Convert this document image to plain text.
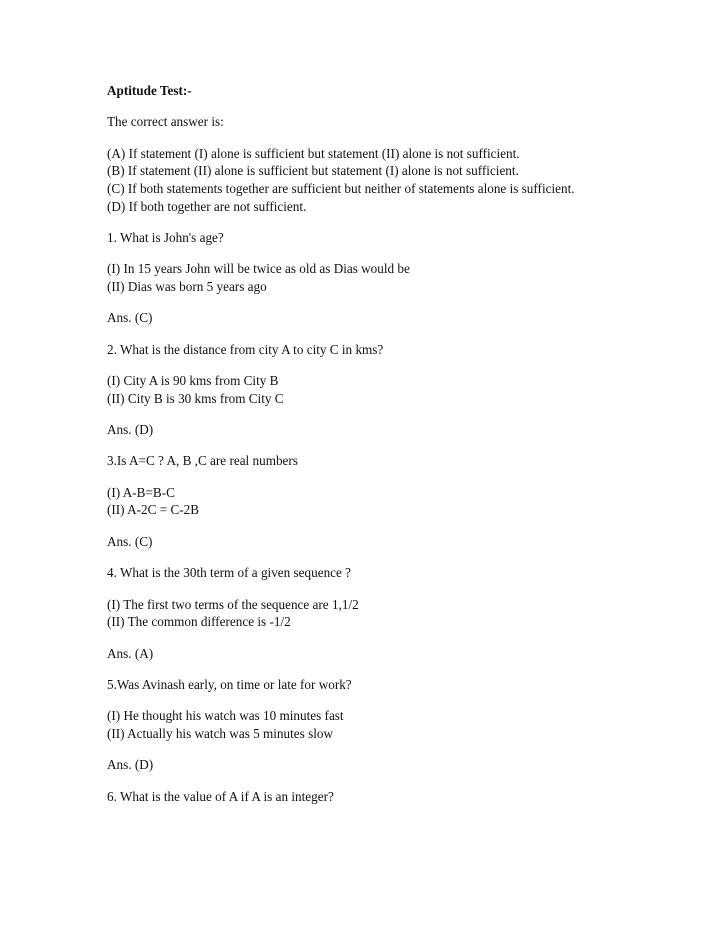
Aptitude Test:-
The correct answer is:
(A) If statement (I) alone is sufficient but statement (II) alone is not sufficient.
(B) If statement (II) alone is sufficient but statement (I) alone is not sufficient.
(C) If both statements together are sufficient but neither of statements alone is sufficient.
(D) If both together are not sufficient.
1. What is John's age?
(I) In 15 years John will be twice as old as Dias would be
(II) Dias was born 5 years ago
Ans. (C)
2. What is the distance from city A to city C in kms?
(I) City A is 90 kms from City B
(II) City B is 30 kms from City C
Ans. (D)
3.Is A=C ? A, B ,C are real numbers
(I) A-B=B-C
(II) A-2C = C-2B
Ans. (C)
4. What is the 30th term of a given sequence ?
(I) The first two terms of the sequence are 1,1/2
(II) The common difference is -1/2
Ans. (A)
5.Was Avinash early, on time or late for work?
(I) He thought his watch was 10 minutes fast
(II) Actually his watch was 5 minutes slow
Ans. (D)
6. What is the value of A if A is an integer?
